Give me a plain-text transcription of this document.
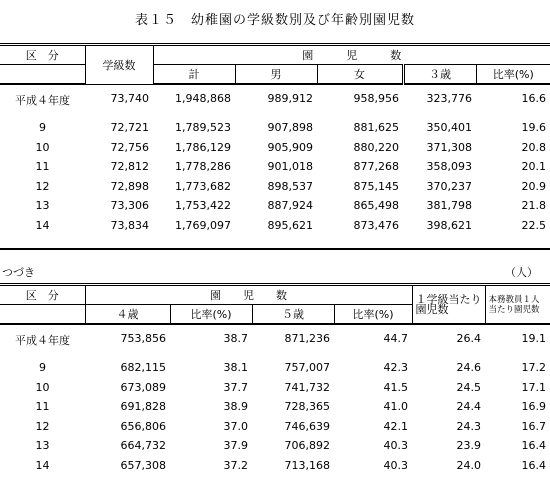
表１５　幼稚園の学級数別及び年齢別園児数
区　分	学級数	園　　　児　　　数				
		計	男	女	３歳	比率(%)
平成４年度	73,740	1,948,868	989,912	958,956	323,776	16.6
9	72,721	1,789,523	907,898	881,625	350,401	19.6
10	72,756	1,786,129	905,909	880,220	371,308	20.8
11	72,812	1,778,286	901,018	877,268	358,093	20.1
12	72,898	1,773,682	898,537	875,145	370,237	20.9
13	73,306	1,753,422	887,924	865,498	381,798	21.8
14	73,834	1,769,097	895,621	873,476	398,621	22.5
つづき	（人）
区　分	園　　児　　数				１学級当たり 園児数	本務教員１人 当たり園児数
	４歳	比率(%)	５歳	比率(%)		
平成４年度	753,856	38.7	871,236	44.7	26.4	19.1
9	682,115	38.1	757,007	42.3	24.6	17.2
10	673,089	37.7	741,732	41.5	24.5	17.1
11	691,828	38.9	728,365	41.0	24.4	16.9
12	656,806	37.0	746,639	42.1	24.3	16.7
13	664,732	37.9	706,892	40.3	23.9	16.4
14	657,308	37.2	713,168	40.3	24.0	16.4
